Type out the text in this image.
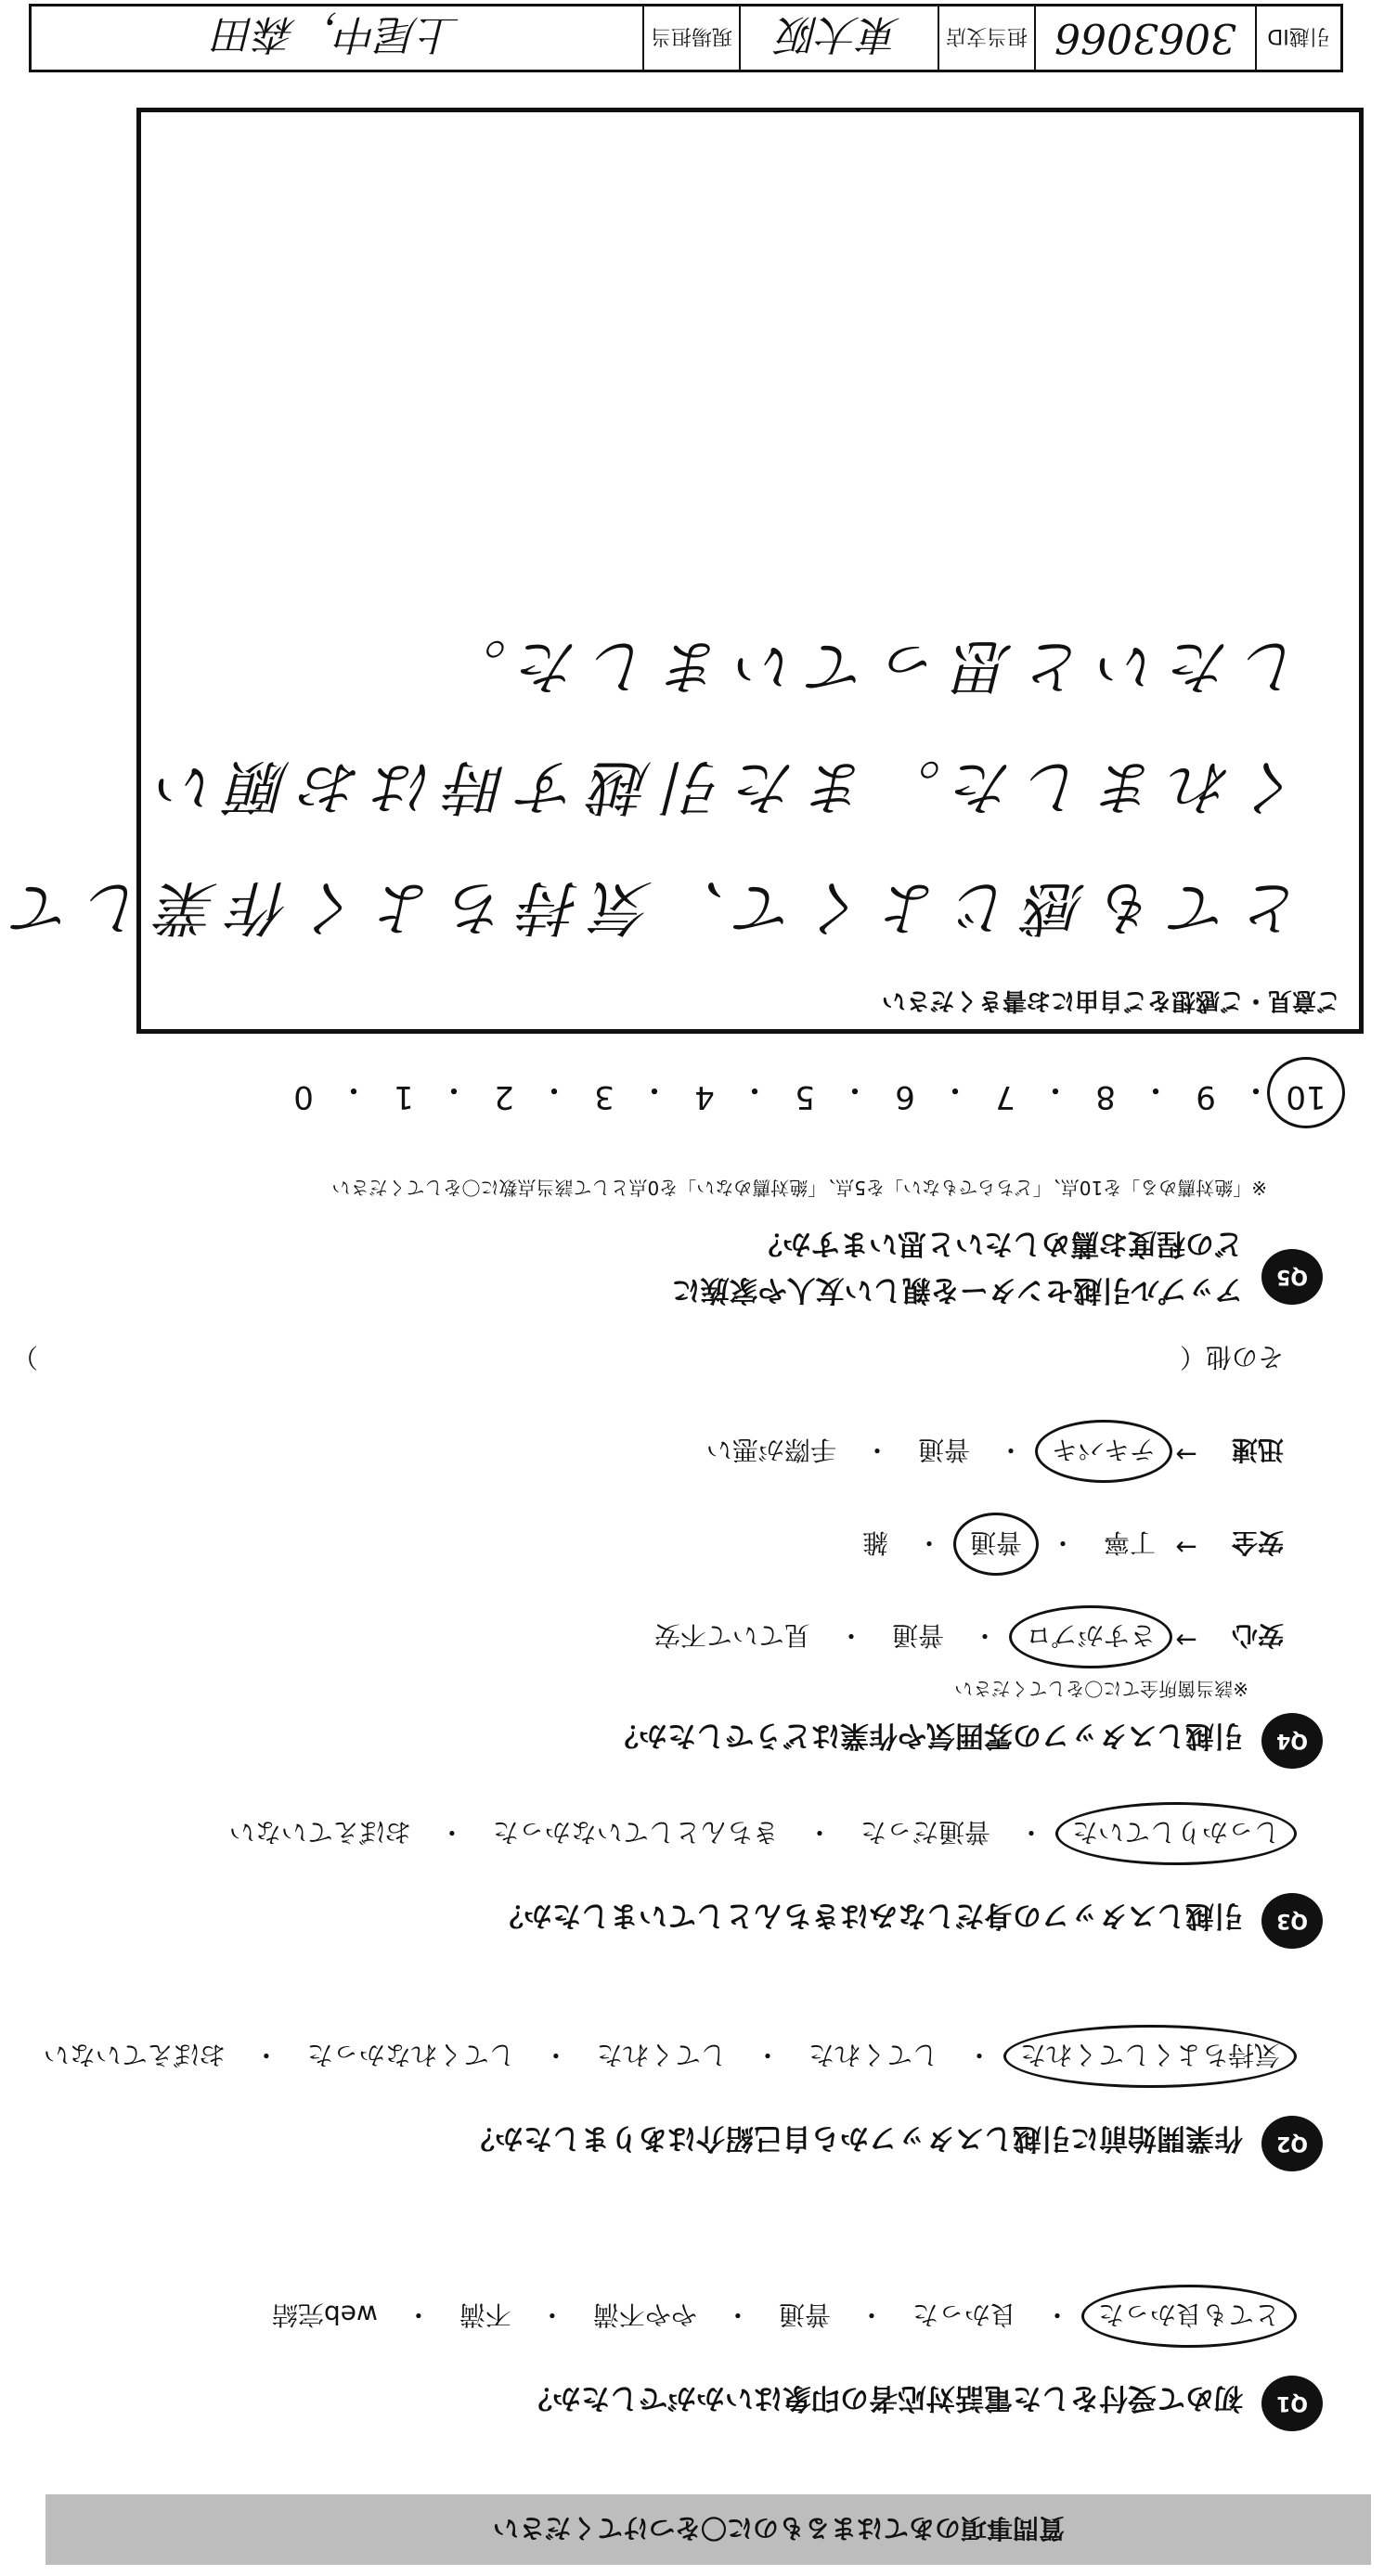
引越ID
3063066
担当支店
東大阪
現場担当
上尾中，森田
ご意見・ご感想をご自由にお書きください
とても感じよくて、気持ちよく作業して
くれました。また引越す時はお願い
したいと思っていました。
10
・
9
・
8
・
7
・
6
・
5
・
4
・
3
・
2
・
1
・
0
Q5
アップル引越センターを親しい友人や家族に
どの程度お薦めしたいと思いますか？
※「絶対薦める」を10点、「どちらでもない」を5点、「絶対薦めない」を0点として該当点数に〇をしてください
その他（
）
迅速
→
テキパキ
・
普通
・
手際が悪い
安全
→
丁寧
・
普通
・
雑
安心
→
さすがプロ
・
普通
・
見ていて不安
※該当箇所全てに〇をしてください
Q4
引越しスタッフの雰囲気や作業はどうでしたか？
しっかりしていた
・
普通だった
・
きちんとしていなかった
・
おぼえていない
Q3
引越しスタッフの身だしなみはきちんとしていましたか？
気持ちよくしてくれた
・
してくれた
・
してくれた
・
してくれなかった
・
おぼえていない
Q2
作業開始前に引越しスタッフから自己紹介はありましたか？
とても良かった
・
良かった
・
普通
・
やや不満
・
不満
・
web完結
Q1
初めて受付をした電話対応者の印象はいかがでしたか？
質問事項のあてはまるものに〇をつけてください
